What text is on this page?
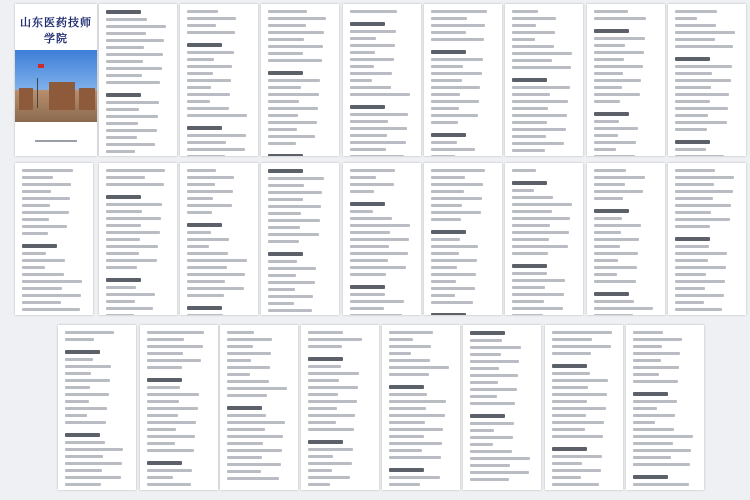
山东医药技师学院
